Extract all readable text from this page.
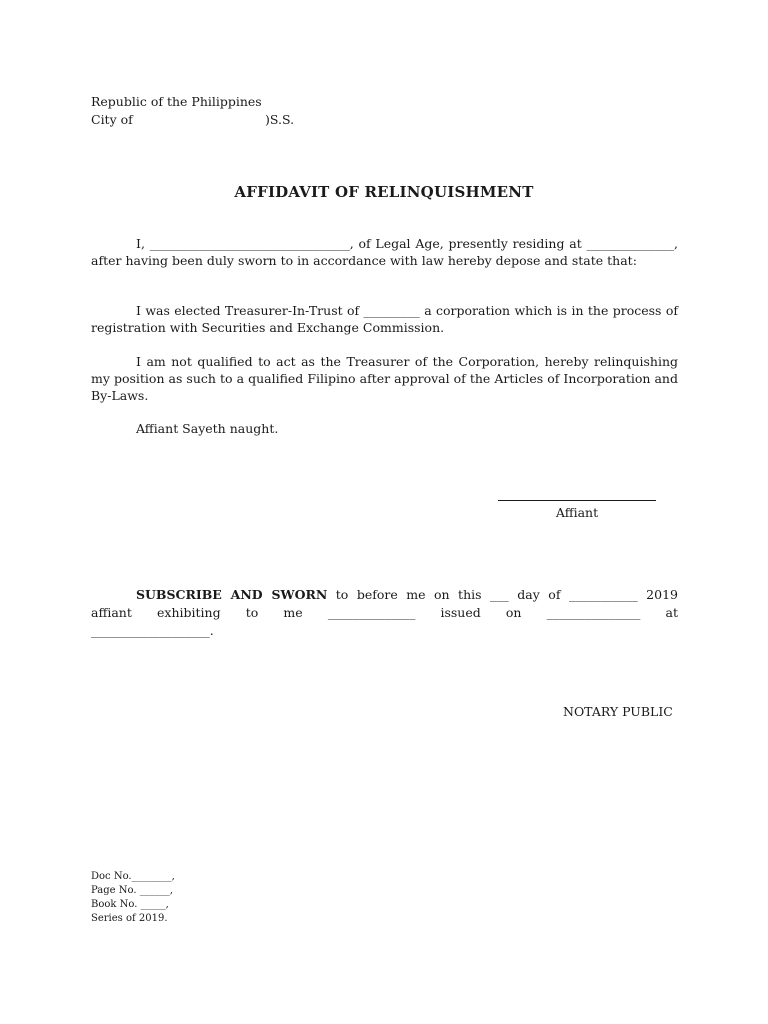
Republic of the Philippines
City of	)S.S.
AFFIDAVIT OF RELINQUISHMENT
I, ________________________________, of Legal Age, presently residing at ______________, after having been duly sworn to in accordance with law hereby depose and state that:
I was elected Treasurer-In-Trust of _________ a corporation which is in the process of registration with Securities and Exchange Commission.
I am not qualified to act as the Treasurer of the Corporation, hereby relinquishing my position as such to a qualified Filipino after approval of the Articles of Incorporation and By-Laws.
Affiant Sayeth naught.
Affiant
SUBSCRIBE AND SWORN to before me on this ___ day of ___________ 2019
affiant exhibiting to me ______________ issued on _______________ at
___________________.
NOTARY PUBLIC
Doc No.________,
Page No. ______,
Book No. _____,
Series of 2019.
